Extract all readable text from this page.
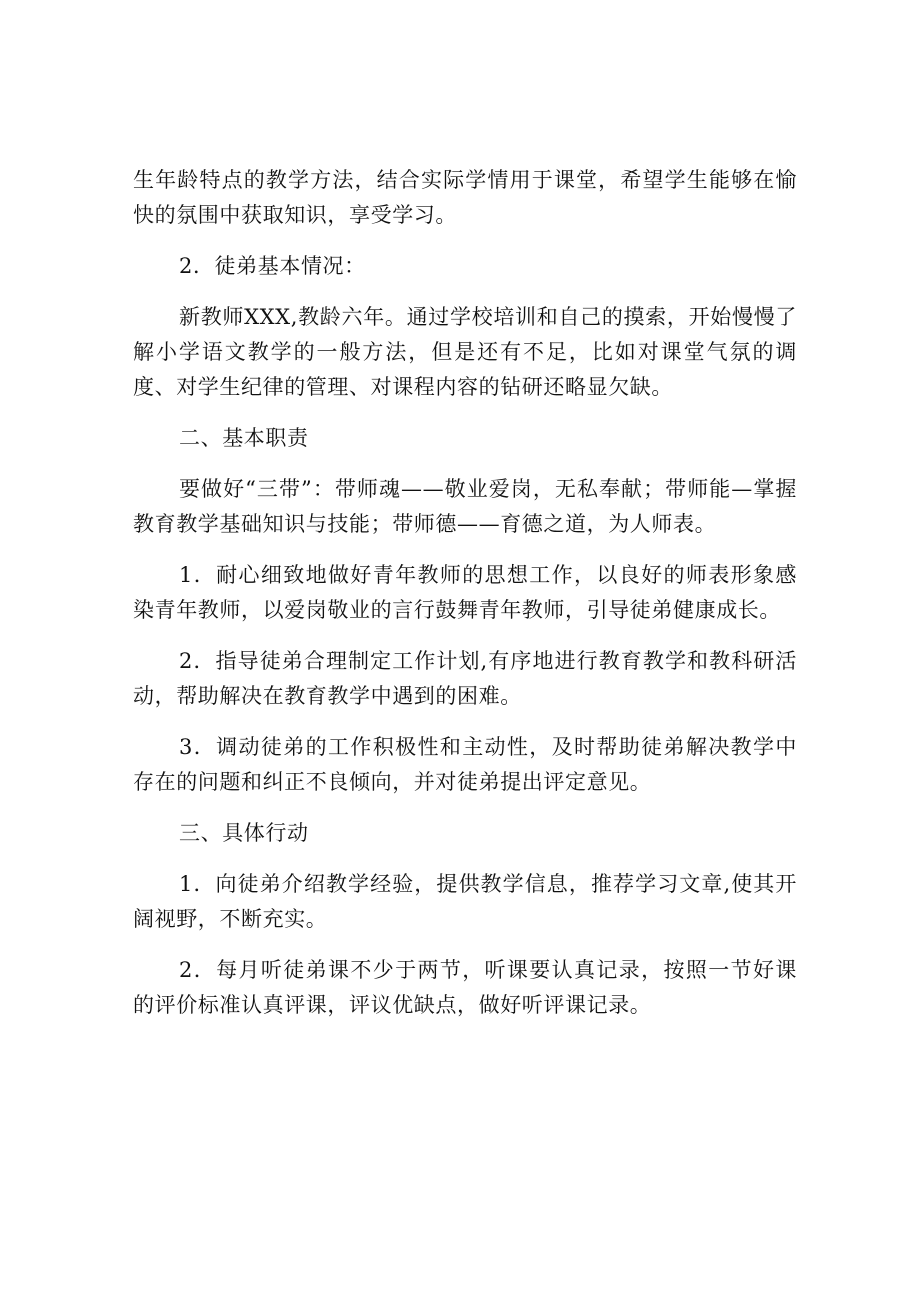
生年龄特点的教学方法，结合实际学情用于课堂，希望学生能够在愉快的氛围中获取知识，享受学习。

2．徒弟基本情况：

新教师XXX,教龄六年。通过学校培训和自己的摸索，开始慢慢了解小学语文教学的一般方法，但是还有不足，比如对课堂气氛的调度、对学生纪律的管理、对课程内容的钻研还略显欠缺。

二、基本职责

要做好“三带”：带师魂——敬业爱岗，无私奉献；带师能—掌握教育教学基础知识与技能；带师德——育德之道，为人师表。

1．耐心细致地做好青年教师的思想工作，以良好的师表形象感染青年教师，以爱岗敬业的言行鼓舞青年教师，引导徒弟健康成长。

2．指导徒弟合理制定工作计划,有序地进行教育教学和教科研活动，帮助解决在教育教学中遇到的困难。

3．调动徒弟的工作积极性和主动性，及时帮助徒弟解决教学中存在的问题和纠正不良倾向，并对徒弟提出评定意见。

三、具体行动

1．向徒弟介绍教学经验，提供教学信息，推荐学习文章,使其开阔视野，不断充实。

2．每月听徒弟课不少于两节，听课要认真记录，按照一节好课的评价标准认真评课，评议优缺点，做好听评课记录。
